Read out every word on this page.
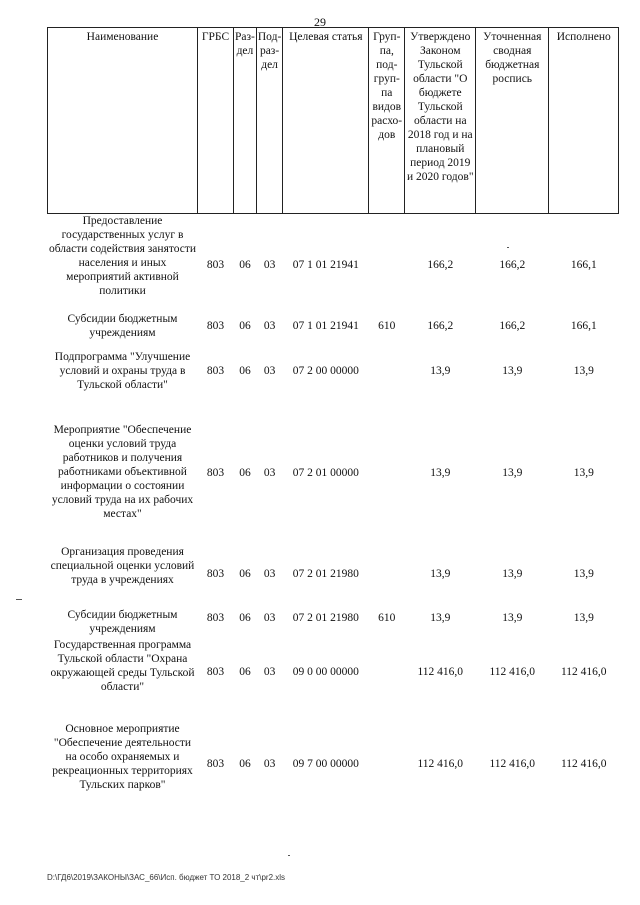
29
Наименование	ГРБС	Раз-дел	Под-раз-дел	Целевая статья	Груп-па, под-груп-па видов расхо-дов	Утверждено Законом Тульской области "О бюджете Тульской области на 2018 год и на плановый период 2019 и 2020 годов"	Уточненная сводная бюджетная роспись	Исполнено
Предоставление государственных услуг в области содействия занятости населения и иных мероприятий активной политики	803	06	03	07 1 01 21941		166,2	166,2	166,1

Субсидии бюджетным учреждениям	803	06	03	07 1 01 21941	610	166,2	166,2	166,1

Подпрограмма "Улучшение условий и охраны труда в Тульской области"	803	06	03	07 2 00 00000		13,9	13,9	13,9

Мероприятие "Обеспечение оценки условий труда работников и получения работниками объективной информации о состоянии условий труда на их рабочих местах"	803	06	03	07 2 01 00000		13,9	13,9	13,9

Организация проведения специальной оценки условий труда в учреждениях	803	06	03	07 2 01 21980		13,9	13,9	13,9

Субсидии бюджетным учреждениям	803	06	03	07 2 01 21980	610	13,9	13,9	13,9

Государственная программа Тульской области "Охрана окружающей среды Тульской области"	803	06	03	09 0 00 00000		112 416,0	112 416,0	112 416,0

Основное мероприятие "Обеспечение деятельности на особо охраняемых и рекреационных территориях Тульских парков"	803	06	03	09 7 00 00000		112 416,0	112 416,0	112 416,0
D:\ГД6\2019\ЗАКОНЫ\ЗАС_66\Исп. бюджет ТО 2018_2 чт\pr2.xls
